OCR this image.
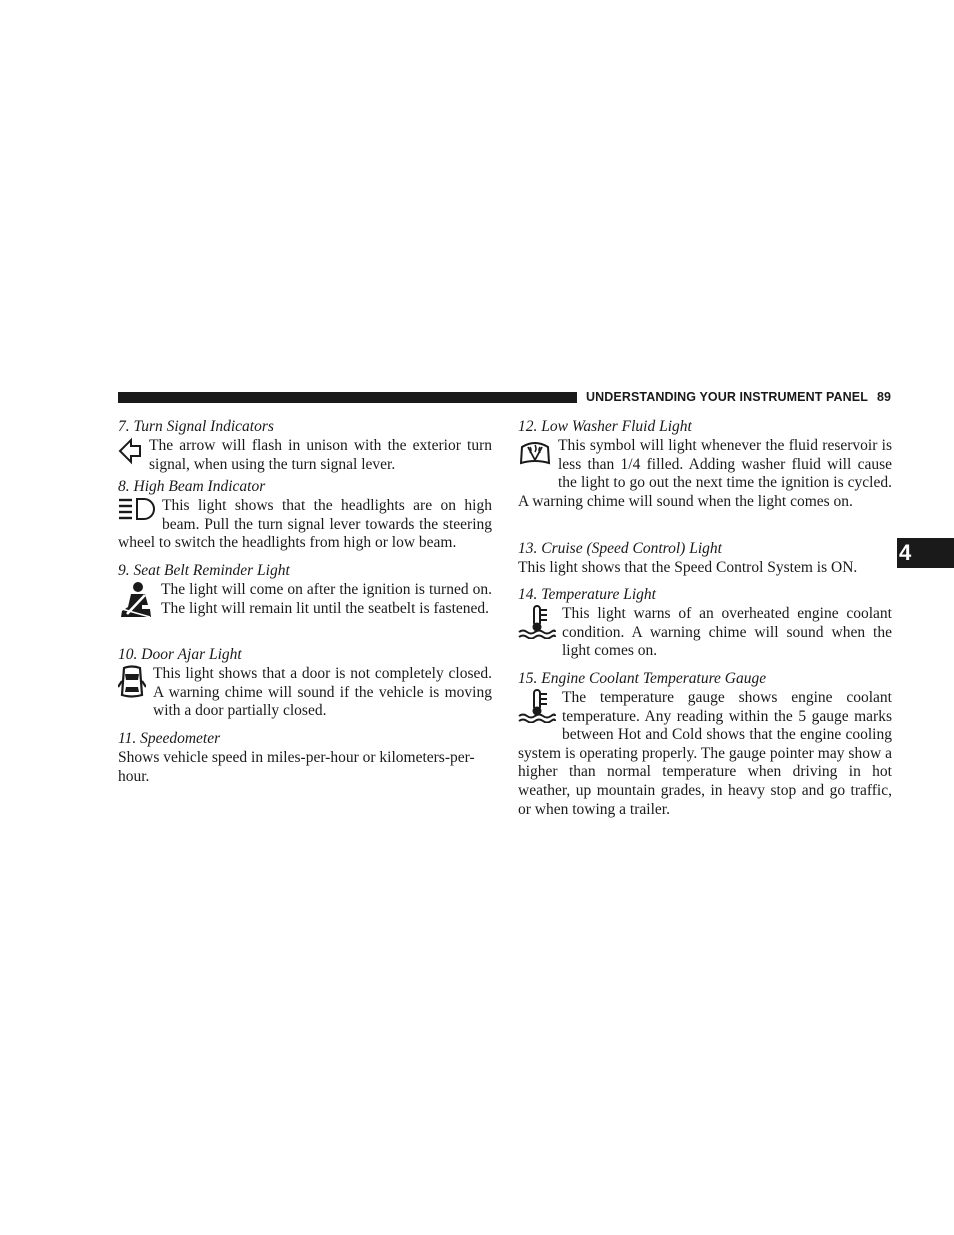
UNDERSTANDING YOUR INSTRUMENT PANEL 89
4
7. Turn Signal Indicators

The arrow will flash in unison with the exterior turn signal, when using the turn signal lever.

8. High Beam Indicator

This light shows that the headlights are on high beam. Pull the turn signal lever towards the steering wheel to switch the headlights from high or low beam.

9. Seat Belt Reminder Light

The light will come on after the ignition is turned on. The light will remain lit until the seatbelt is fastened.

10. Door Ajar Light

This light shows that a door is not completely closed. A warning chime will sound if the vehicle is moving with a door partially closed.

11. Speedometer

Shows vehicle speed in miles-per-hour or kilometers-per-hour.

12. Low Washer Fluid Light

This symbol will light whenever the fluid reservoir is less than 1/4 filled. Adding washer fluid will cause the light to go out the next time the ignition is cycled. A warning chime will sound when the light comes on.

13. Cruise (Speed Control) Light

This light shows that the Speed Control System is ON.

14. Temperature Light

This light warns of an overheated engine coolant condition. A warning chime will sound when the light comes on.

15. Engine Coolant Temperature Gauge

The temperature gauge shows engine coolant temperature. Any reading within the 5 gauge marks between Hot and Cold shows that the engine cooling system is operating properly. The gauge pointer may show a higher than normal temperature when driving in hot weather, up mountain grades, in heavy stop and go traffic, or when towing a trailer.
